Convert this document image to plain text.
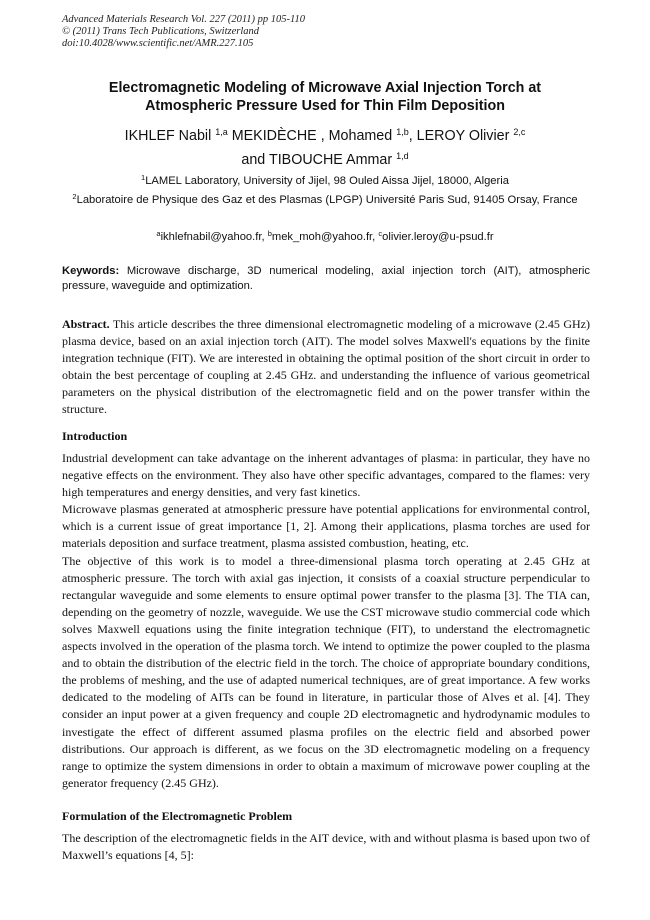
Advanced Materials Research Vol. 227 (2011) pp 105-110
© (2011) Trans Tech Publications, Switzerland
doi:10.4028/www.scientific.net/AMR.227.105
Electromagnetic Modeling of Microwave Axial Injection Torch at
Atmospheric Pressure Used for Thin Film Deposition
IKHLEF Nabil $^{1,a}$ MEKIDÈCHE , Mohamed $^{1,b}$, LEROY Olivier $^{2,c}$
and TIBOUCHE Ammar $^{1,d}$
$^1$LAMEL Laboratory, University of Jijel, 98 Ouled Aissa Jijel, 18000, Algeria
$^2$Laboratoire de Physique des Gaz et des Plasmas (LPGP) Université Paris Sud, 91405 Orsay, France
$^a$ikhlefnabil@yahoo.fr, $^b$mek_moh@yahoo.fr, $^c$olivier.leroy@u-psud.fr
Keywords: Microwave discharge, 3D numerical modeling, axial injection torch (AIT), atmospheric pressure, waveguide and optimization.
Abstract. This article describes the three dimensional electromagnetic modeling of a microwave (2.45 GHz) plasma device, based on an axial injection torch (AIT). The model solves Maxwell's equations by the finite integration technique (FIT). We are interested in obtaining the optimal position of the short circuit in order to obtain the best percentage of coupling at 2.45 GHz. and understanding the influence of various geometrical parameters on the physical distribution of the electromagnetic field and on the power transfer within the structure.
Introduction

Industrial development can take advantage on the inherent advantages of plasma: in particular, they have no negative effects on the environment. They also have other specific advantages, compared to the flames: very high temperatures and energy densities, and very fast kinetics.

Microwave plasmas generated at atmospheric pressure have potential applications for environmental control, which is a current issue of great importance [1, 2]. Among their applications, plasma torches are used for materials deposition and surface treatment, plasma assisted combustion, heating, etc.

The objective of this work is to model a three-dimensional plasma torch operating at 2.45 GHz at atmospheric pressure. The torch with axial gas injection, it consists of a coaxial structure perpendicular to rectangular waveguide and some elements to ensure optimal power transfer to the plasma [3]. The TIA can, depending on the geometry of nozzle, waveguide. We use the CST microwave studio commercial code which solves Maxwell equations using the finite integration technique (FIT), to understand the electromagnetic aspects involved in the operation of the plasma torch. We intend to optimize the power coupled to the plasma and to obtain the distribution of the electric field in the torch. The choice of appropriate boundary conditions, the problems of meshing, and the use of adapted numerical techniques, are of great importance. A few works dedicated to the modeling of AITs can be found in literature, in particular those of Alves et al. [4]. They consider an input power at a given frequency and couple 2D electromagnetic and hydrodynamic modules to investigate the effect of different assumed plasma profiles on the electric field and absorbed power distributions. Our approach is different, as we focus on the 3D electromagnetic modeling on a frequency range to optimize the system dimensions in order to obtain a maximum of microwave power coupling at the generator frequency (2.45 GHz).

Formulation of the Electromagnetic Problem

The description of the electromagnetic fields in the AIT device, with and without plasma is based upon two of Maxwell’s equations [4, 5]:
